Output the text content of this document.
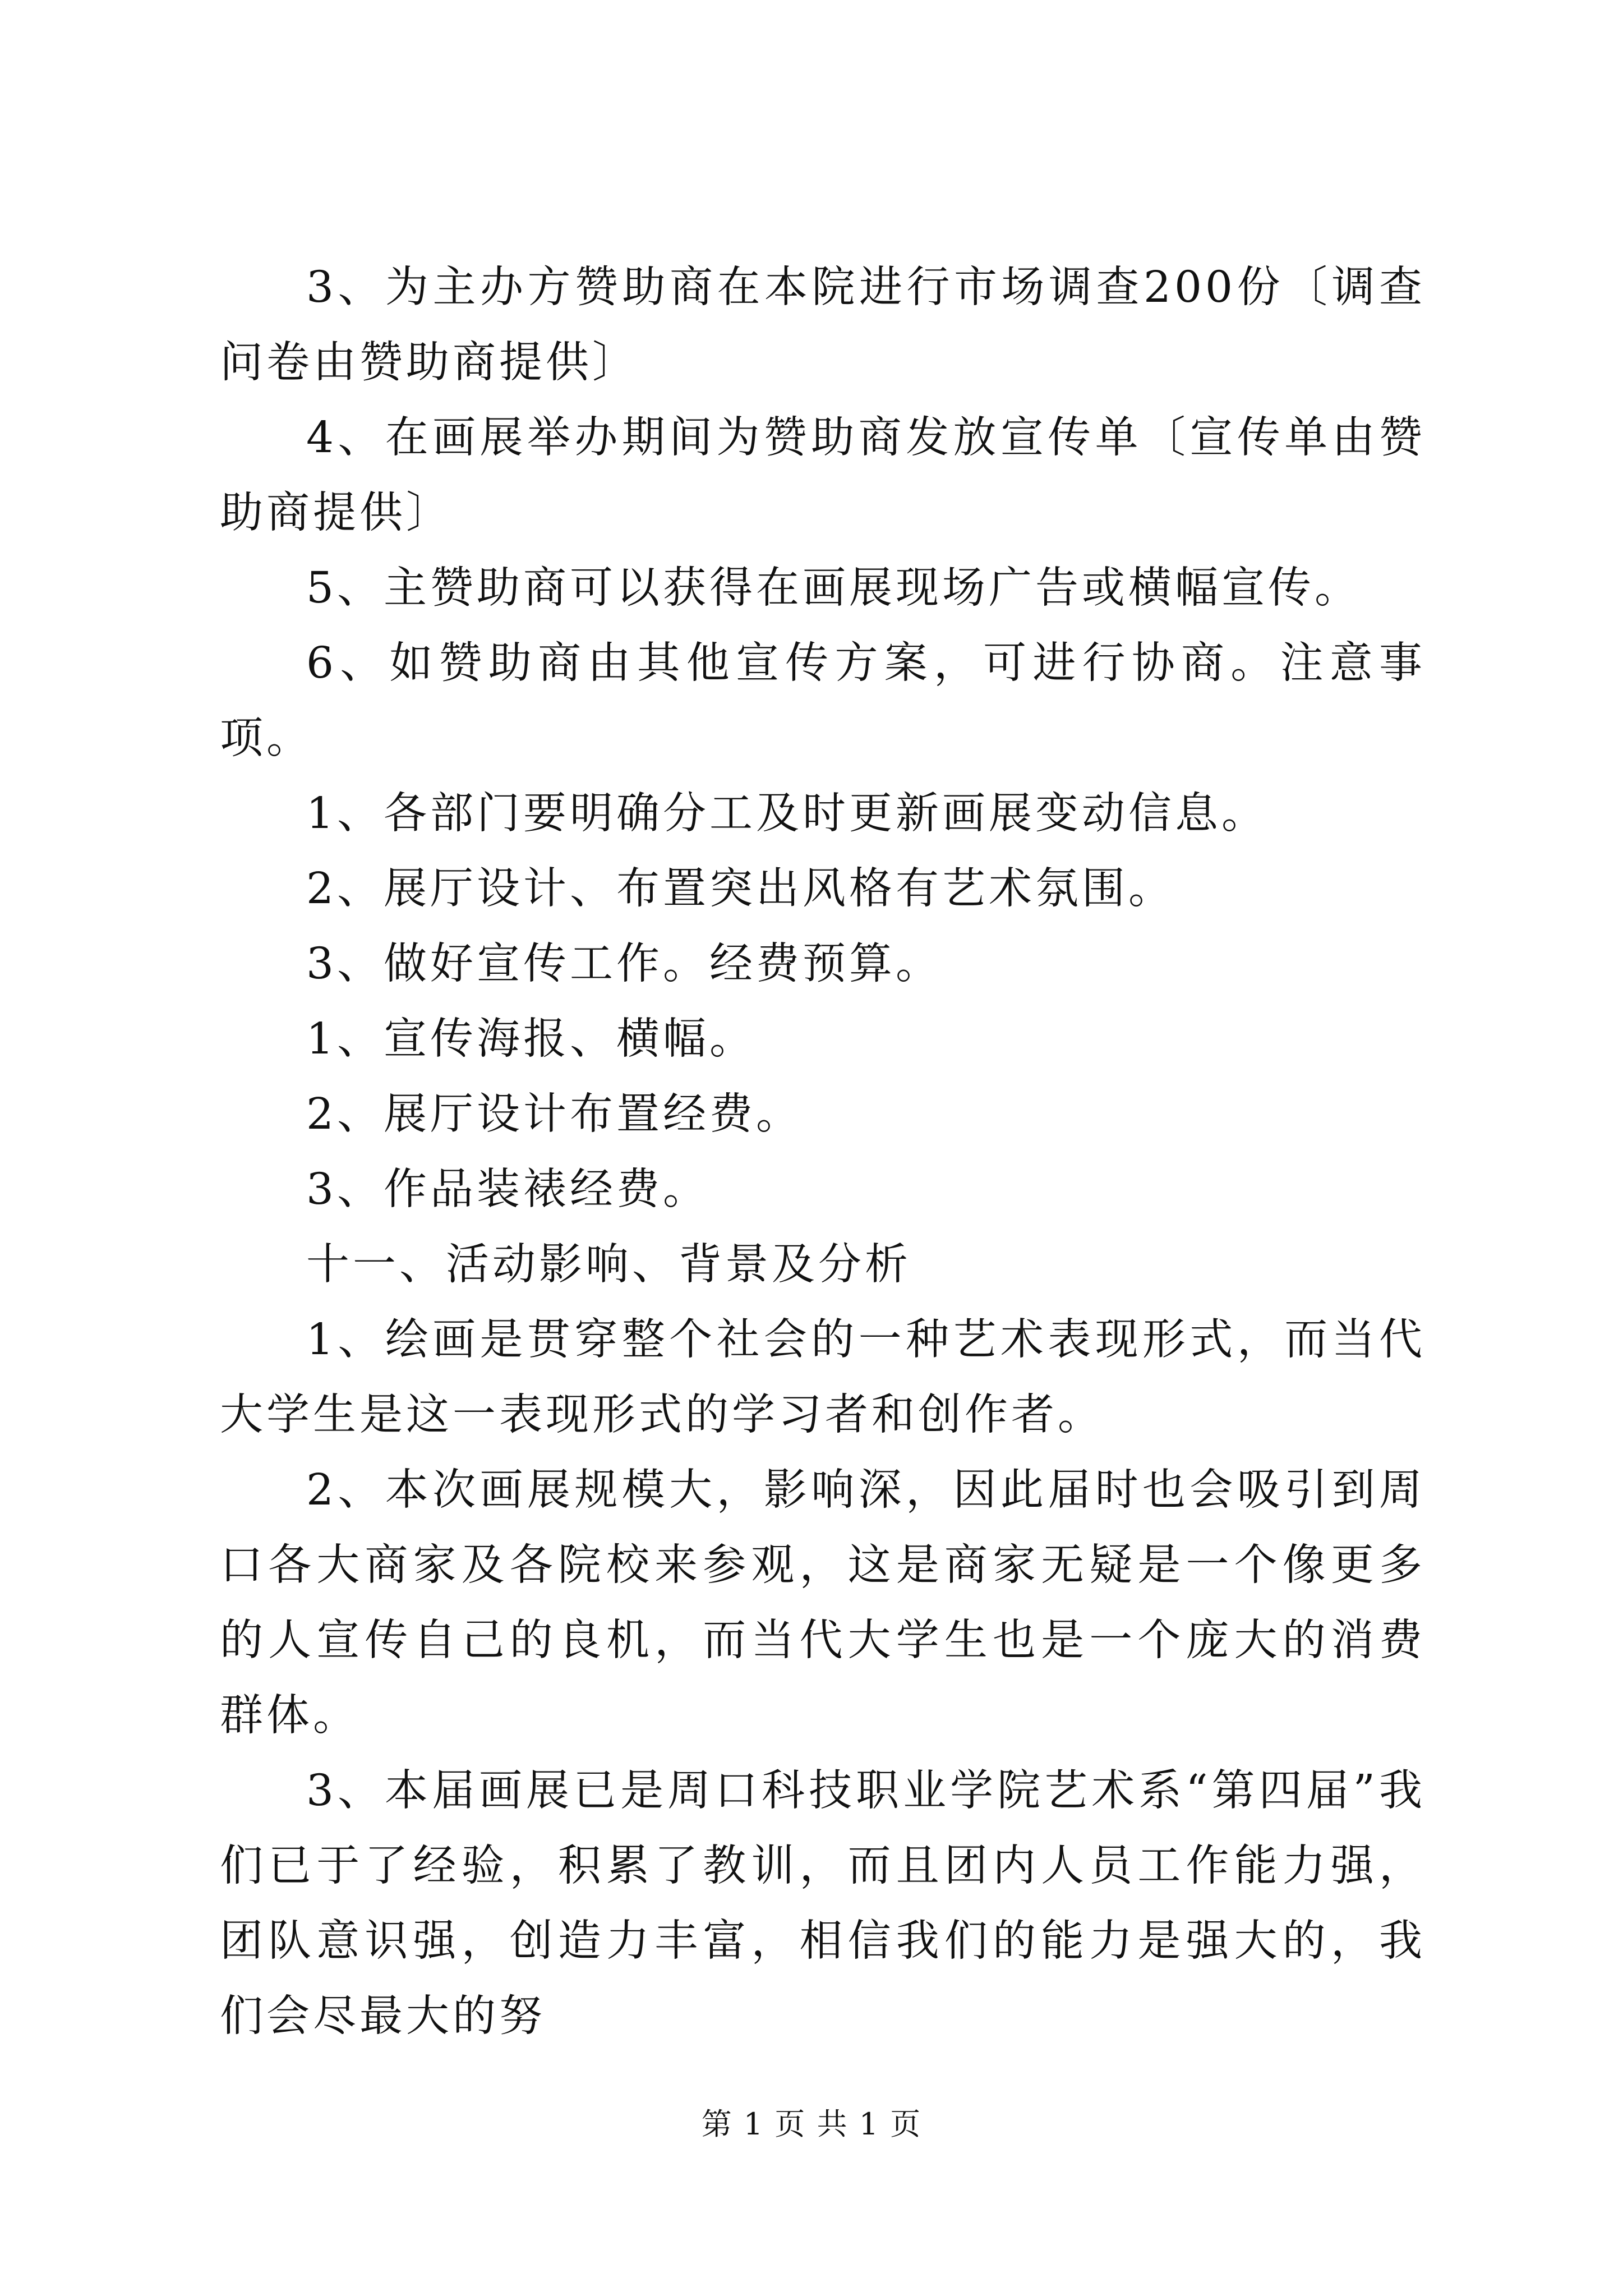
3、为主办方赞助商在本院进行市场调查200份〔调查问卷由赞助商提供〕

4、在画展举办期间为赞助商发放宣传单〔宣传单由赞助商提供〕

5、主赞助商可以获得在画展现场广告或横幅宣传。

6、如赞助商由其他宣传方案，可进行协商。注意事项。

1、各部门要明确分工及时更新画展变动信息。

2、展厅设计、布置突出风格有艺术氛围。

3、做好宣传工作。经费预算。

1、宣传海报、横幅。

2、展厅设计布置经费。

3、作品装裱经费。

十一、活动影响、背景及分析

1、绘画是贯穿整个社会的一种艺术表现形式，而当代大学生是这一表现形式的学习者和创作者。

2、本次画展规模大，影响深，因此届时也会吸引到周口各大商家及各院校来参观，这是商家无疑是一个像更多的人宣传自己的良机，而当代大学生也是一个庞大的消费群体。

3、本届画展已是周口科技职业学院艺术系“第四届”我们已于了经验，积累了教训，而且团内人员工作能力强，团队意识强，创造力丰富，相信我们的能力是强大的，我们会尽最大的努

第 1 页 共 1 页
